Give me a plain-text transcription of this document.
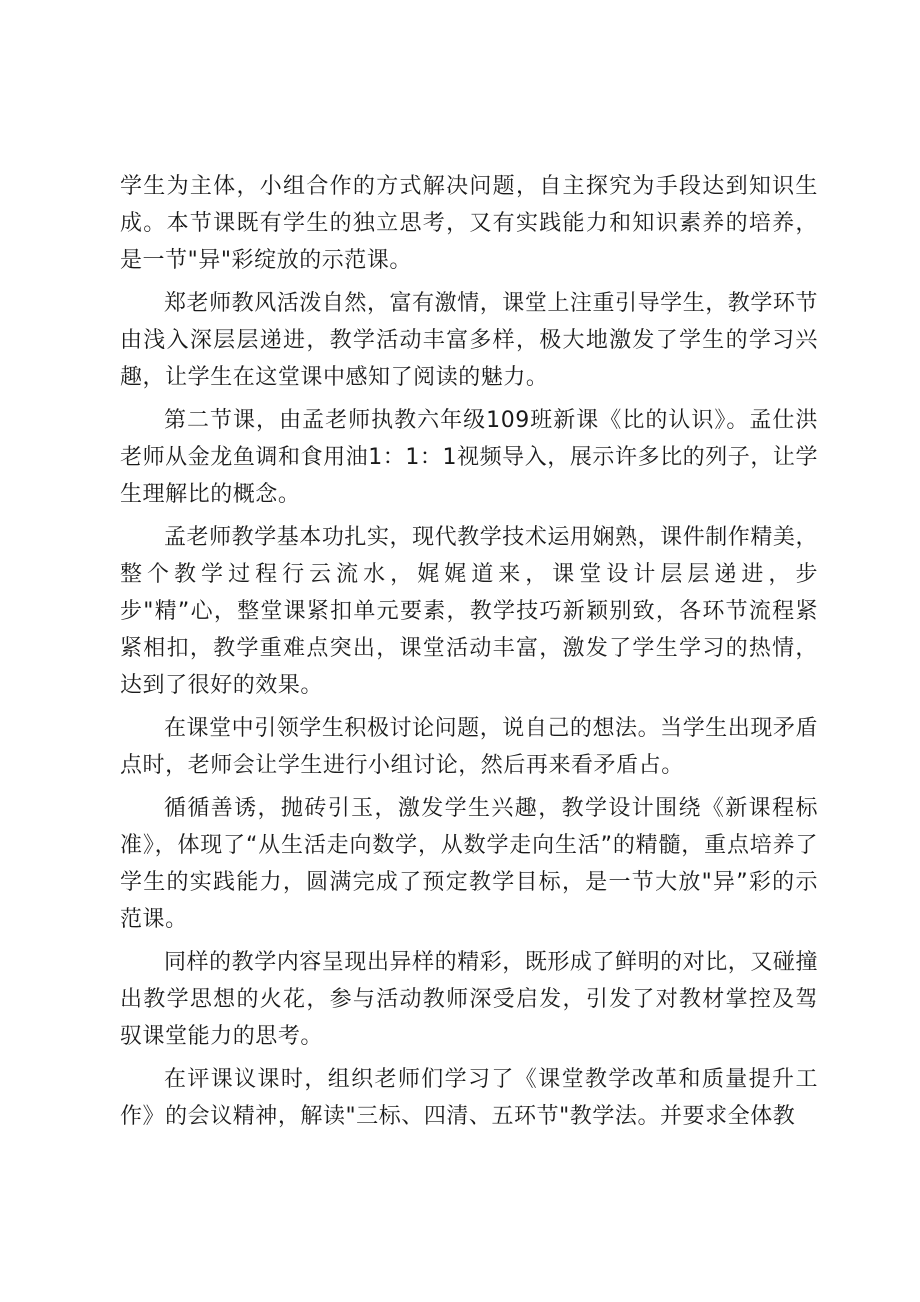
学生为主体，小组合作的方式解决问题，自主探究为手段达到知识生成。本节课既有学生的独立思考，又有实践能力和知识素养的培养，是一节"异"彩绽放的示范课。

郑老师教风活泼自然，富有激情，课堂上注重引导学生，教学环节由浅入深层层递进，教学活动丰富多样，极大地激发了学生的学习兴趣，让学生在这堂课中感知了阅读的魅力。

第二节课，由孟老师执教六年级109班新课《比的认识》。孟仕洪老师从金龙鱼调和食用油1：1：1视频导入，展示许多比的列子，让学生理解比的概念。

孟老师教学基本功扎实，现代教学技术运用娴熟，课件制作精美，整个教学过程行云流水，娓娓道来，课堂设计层层递进，步步"精”心，整堂课紧扣单元要素，教学技巧新颖别致，各环节流程紧紧相扣，教学重难点突出，课堂活动丰富，激发了学生学习的热情，达到了很好的效果。

在课堂中引领学生积极讨论问题，说自己的想法。当学生出现矛盾点时，老师会让学生进行小组讨论，然后再来看矛盾占。

循循善诱，抛砖引玉，激发学生兴趣，教学设计围绕《新课程标准》，体现了“从生活走向数学，从数学走向生活”的精髓，重点培养了学生的实践能力，圆满完成了预定教学目标，是一节大放"异”彩的示范课。

同样的教学内容呈现出异样的精彩，既形成了鲜明的对比，又碰撞出教学思想的火花，参与活动教师深受启发，引发了对教材掌控及驾驭课堂能力的思考。

在评课议课时，组织老师们学习了《课堂教学改革和质量提升工作》的会议精神，解读"三标、四清、五环节"教学法。并要求全体教
